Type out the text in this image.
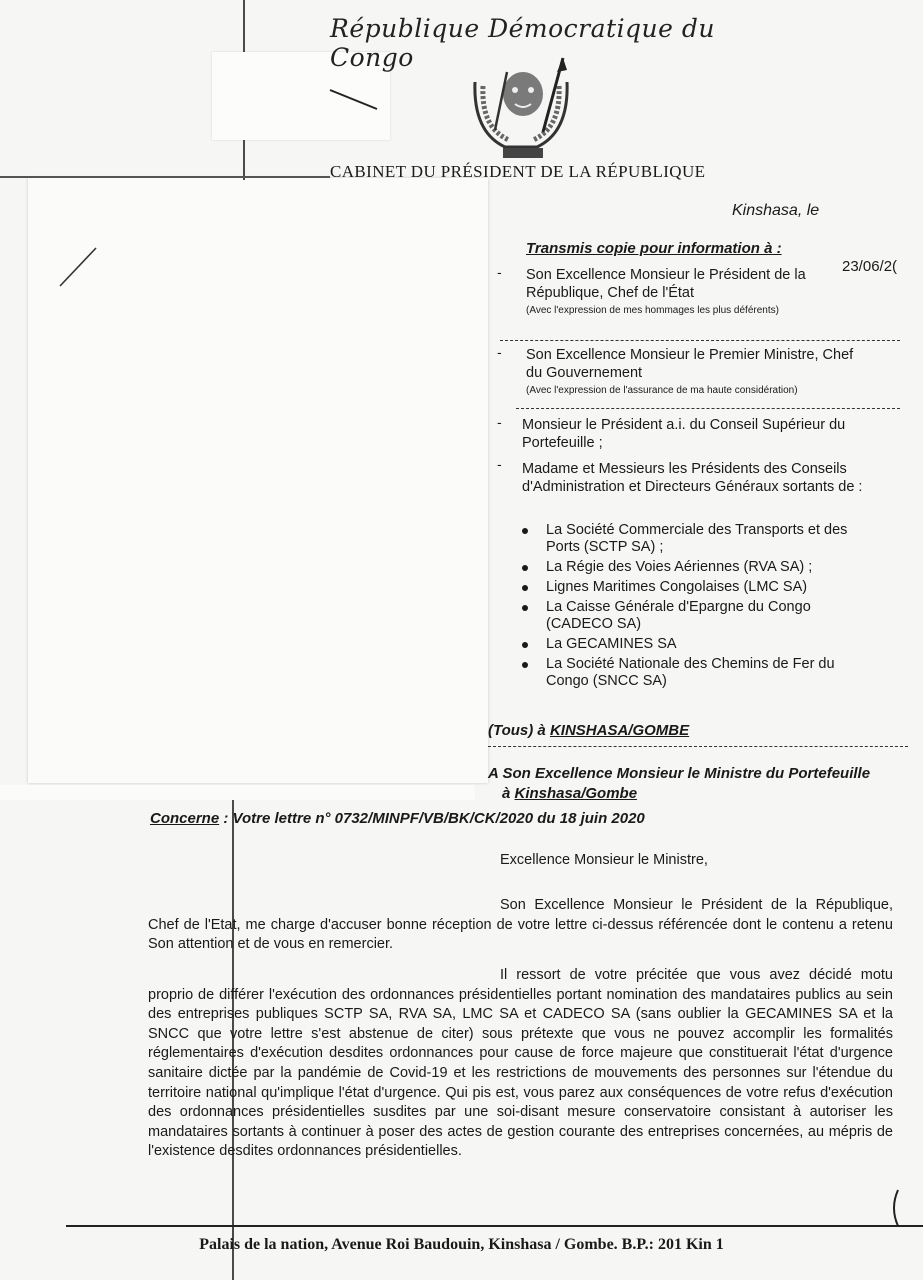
République Démocratique du Congo
CABINET DU PRÉSIDENT DE LA RÉPUBLIQUE
Kinshasa, le
23/06/2(
Transmis copie pour information à :
- Son Excellence Monsieur le Président de la République, Chef de l'État
(Avec l'expression de mes hommages les plus déférents)
- Son Excellence Monsieur le Premier Ministre, Chef du Gouvernement
(Avec l'expression de l'assurance de ma haute considération)
- Monsieur le Président a.i. du Conseil Supérieur du Portefeuille ;
- Madame et Messieurs les Présidents des Conseils d'Administration et Directeurs Généraux sortants de :
La Société Commerciale des Transports et des Ports (SCTP SA) ;
La Régie des Voies Aériennes (RVA SA) ;
Lignes Maritimes Congolaises (LMC SA)
La Caisse Générale d'Epargne du Congo (CADECO SA)
La GECAMINES SA
La Société Nationale des Chemins de Fer du Congo (SNCC SA)
(Tous) à KINSHASA/GOMBE
A Son Excellence Monsieur le Ministre du Portefeuille
à Kinshasa/Gombe
Concerne : Votre lettre n° 0732/MINPF/VB/BK/CK/2020 du 18 juin 2020
Excellence Monsieur le Ministre,

Son Excellence Monsieur le Président de la République, Chef de l'Etat, me charge d'accuser bonne réception de votre lettre ci-dessus référencée dont le contenu a retenu Son attention et de vous en remercier.

Il ressort de votre précitée que vous avez décidé motu proprio de différer l'exécution des ordonnances présidentielles portant nomination des mandataires publics au sein des entreprises publiques SCTP SA, RVA SA, LMC SA et CADECO SA (sans oublier la GECAMINES SA et la SNCC que votre lettre s'est abstenue de citer) sous prétexte que vous ne pouvez accomplir les formalités réglementaires d'exécution desdites ordonnances pour cause de force majeure que constituerait l'état d'urgence sanitaire dictée par la pandémie de Covid-19 et les restrictions de mouvements des personnes sur l'étendue du territoire national qu'implique l'état d'urgence. Qui pis est, vous parez aux conséquences de votre refus d'exécution des ordonnances présidentielles susdites par une soi-disant mesure conservatoire consistant à autoriser les mandataires sortants à continuer à poser des actes de gestion courante des entreprises concernées, au mépris de l'existence desdites ordonnances présidentielles.

Palais de la nation, Avenue Roi Baudouin, Kinshasa / Gombe. B.P.: 201 Kin 1
